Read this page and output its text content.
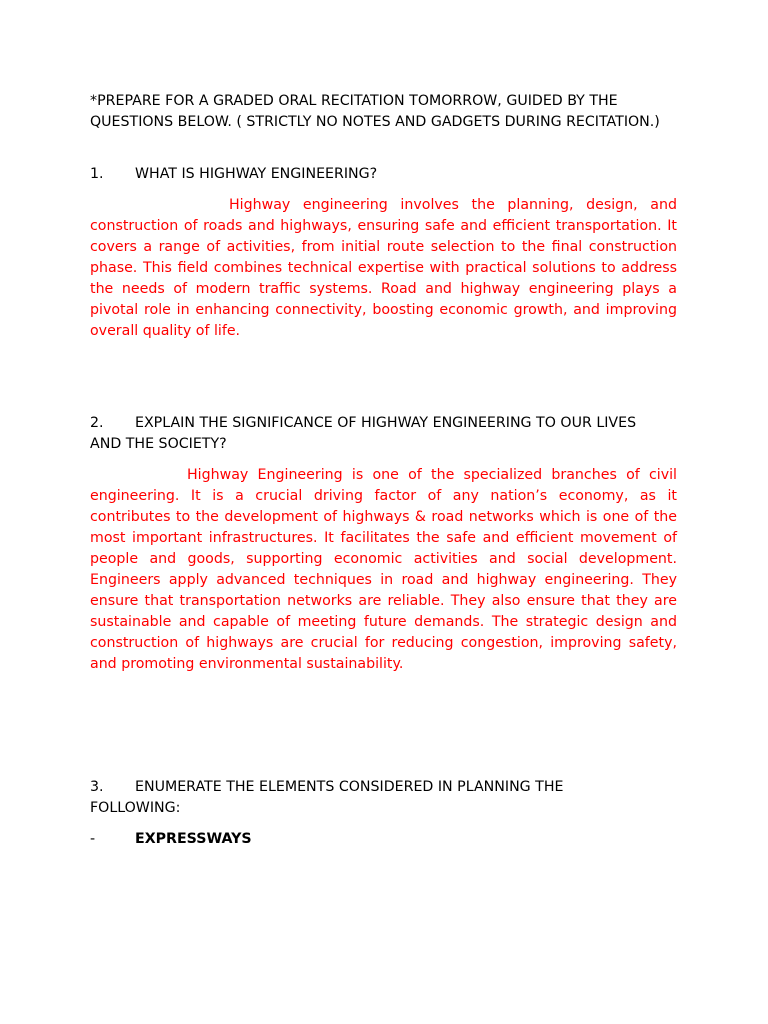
*PREPARE FOR A GRADED ORAL RECITATION TOMORROW, GUIDED BY THE QUESTIONS BELOW. ( STRICTLY NO NOTES AND GADGETS DURING RECITATION.)

1.	WHAT IS HIGHWAY ENGINEERING?

Highway engineering involves the planning, design, and construction of roads and highways, ensuring safe and efficient transportation. It covers a range of activities, from initial route selection to the final construction phase. This field combines technical expertise with practical solutions to address the needs of modern traffic systems. Road and highway engineering plays a pivotal role in enhancing connectivity, boosting economic growth, and improving overall quality of life.

2.	EXPLAIN THE SIGNIFICANCE OF HIGHWAY ENGINEERING TO OUR LIVES
AND THE SOCIETY?

Highway Engineering is one of the specialized branches of civil engineering. It is a crucial driving factor of any nation’s economy, as it contributes to the development of highways & road networks which is one of the most important infrastructures. It facilitates the safe and efficient movement of people and goods, supporting economic activities and social development. Engineers apply advanced techniques in road and highway engineering. They ensure that transportation networks are reliable. They also ensure that they are sustainable and capable of meeting future demands. The strategic design and construction of highways are crucial for reducing congestion, improving safety, and promoting environmental sustainability.

3.	ENUMERATE THE ELEMENTS CONSIDERED IN PLANNING THE
FOLLOWING:
-	EXPRESSWAYS
